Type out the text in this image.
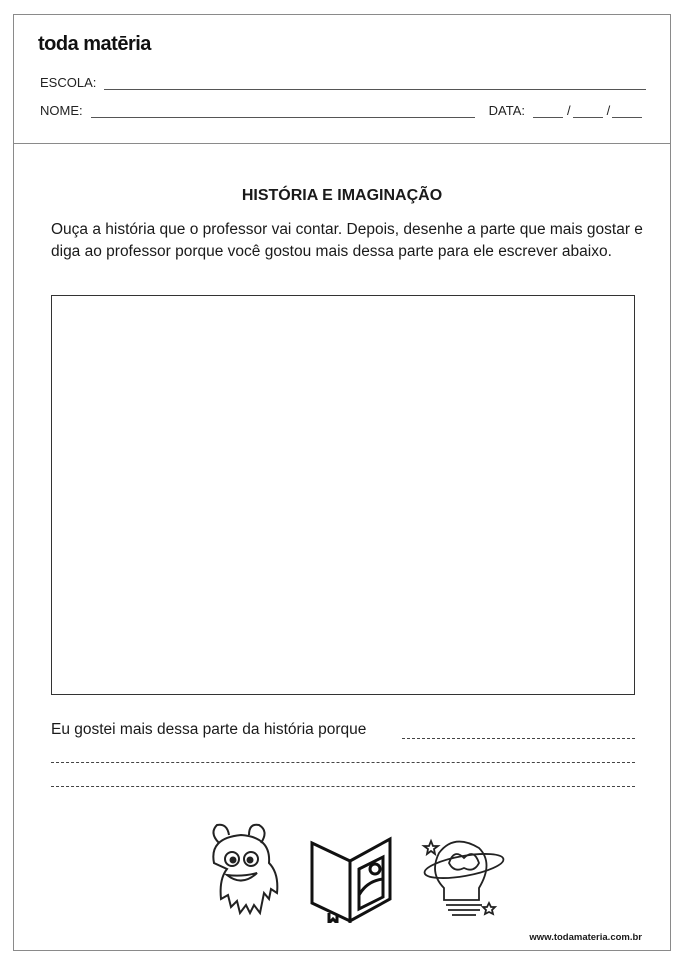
toda matēria
ESCOLA:
NOME:	DATA:	/	/
HISTÓRIA E IMAGINAÇÃO
Ouça a história que o professor vai contar. Depois, desenhe a parte que mais gostar e diga ao professor porque você gostou mais dessa parte para ele escrever abaixo.
Eu gostei mais dessa parte da história porque
www.todamateria.com.br
